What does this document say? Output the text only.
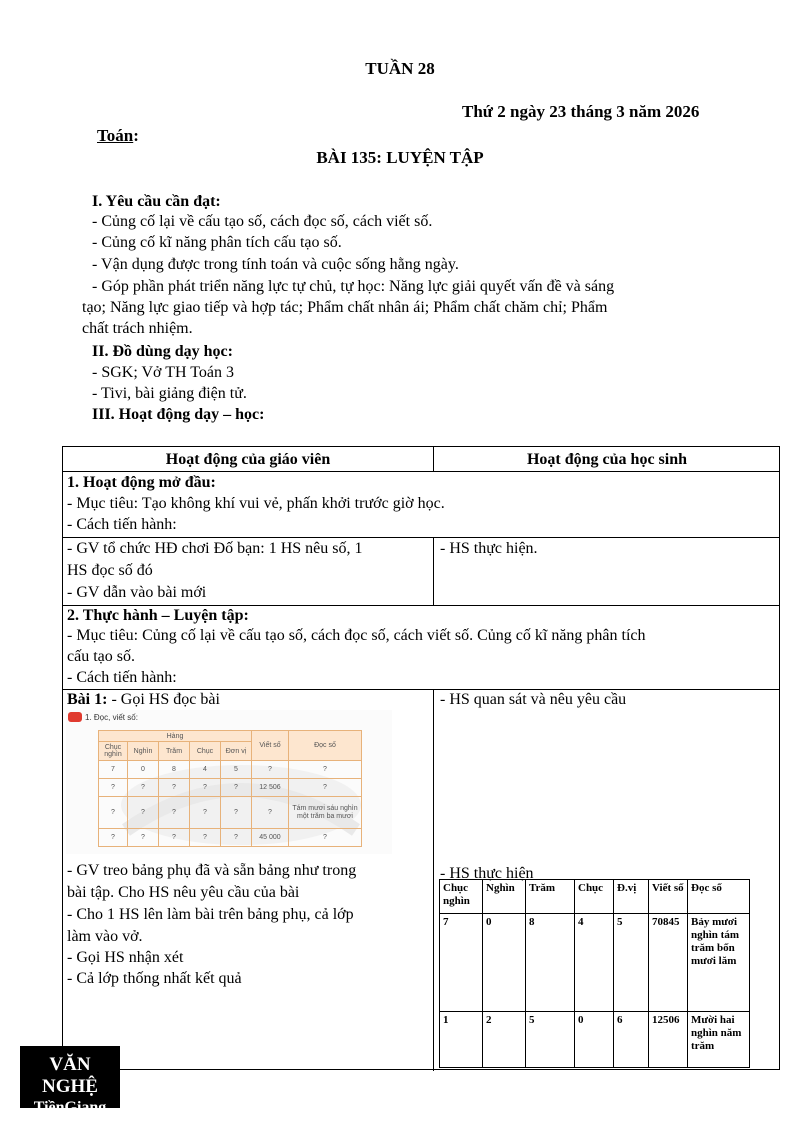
TUẦN 28
Thứ 2 ngày 23 tháng 3 năm 2026
Toán:
BÀI 135: LUYỆN TẬP
I. Yêu cầu cần đạt:
- Củng cố lại về cấu tạo số, cách đọc số, cách viết số.
- Củng cố kĩ năng phân tích cấu tạo số.
- Vận dụng được trong tính toán và cuộc sống hằng ngày.
- Góp phần phát triển năng lực tự chủ, tự học: Năng lực giải quyết vấn đề và sáng
tạo; Năng lực giao tiếp và hợp tác; Phẩm chất nhân ái; Phẩm chất chăm chỉ; Phẩm
chất trách nhiệm.
II. Đồ dùng dạy học:
- SGK; Vở TH Toán 3
- Tivi, bài giảng điện tử.
III. Hoạt động dạy – học:
Hoạt động của giáo viên	Hoạt động của học sinh
1. Hoạt động mở đầu:
- Mục tiêu: Tạo không khí vui vẻ, phấn khởi trước giờ học.
- Cách tiến hành:
- GV tổ chức HĐ chơi Đố bạn: 1 HS nêu số, 1
HS đọc số đó
- GV dẫn vào bài mới
- HS thực hiện.
2. Thực hành – Luyện tập:
- Mục tiêu: Củng cố lại về cấu tạo số, cách đọc số, cách viết số. Củng cố kĩ năng phân tích
cấu tạo số.
- Cách tiến hành:
Bài 1: - Gọi HS đọc bài	- HS quan sát và nêu yêu cầu
- GV treo bảng phụ đã và sẵn bảng như trong
bài tập. Cho HS nêu yêu cầu của bài
- Cho 1 HS lên làm bài trên bảng phụ, cả lớp
làm vào vở.
- Gọi HS nhận xét
- Cả lớp thống nhất kết quả
- HS thực hiện
1. Đọc, viết số:
Hàng					Viết số	Đọc số
Chục nghìn	Nghìn	Trăm	Chục	Đơn vị		
7	0	8	4	5	?	?
?	?	?	?	?	12 506	?
?	?	?	?	?	?	Tám mươi sáu nghìn một trăm ba mươi
?	?	?	?	?	45 000	?
Chục nghìn	Nghìn	Trăm	Chục	Đ.vị	Viết số	Đọc số
7	0	8	4	5	70845	Bảy mươi nghìn tám trăm bốn mươi lăm
1	2	5	0	6	12506	Mười hai nghìn năm trăm
VĂN NGHỆ
TiềnGiang
